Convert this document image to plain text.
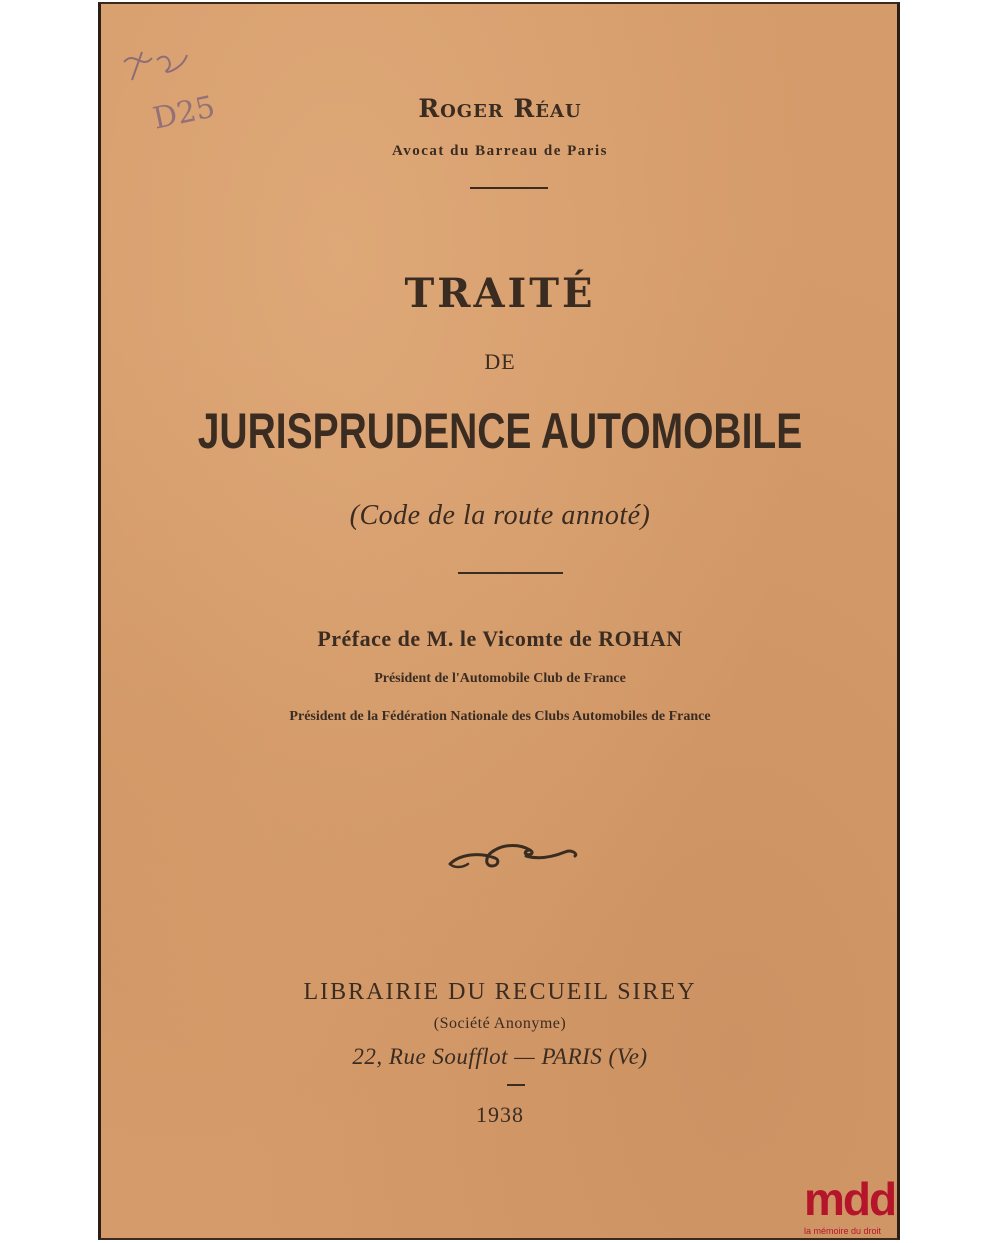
D25	Roger Réau
Avocat du Barreau de Paris
TRAITÉ
DE
JURISPRUDENCE AUTOMOBILE
(Code de la route annoté)
Préface de M. le Vicomte de ROHAN
Président de l'Automobile Club de France
Président de la Fédération Nationale des Clubs Automobiles de France
LIBRAIRIE DU RECUEIL SIREY
(Société Anonyme)
22, Rue Soufflot — PARIS (Ve)
1938
mdd
la mémoire du droit
